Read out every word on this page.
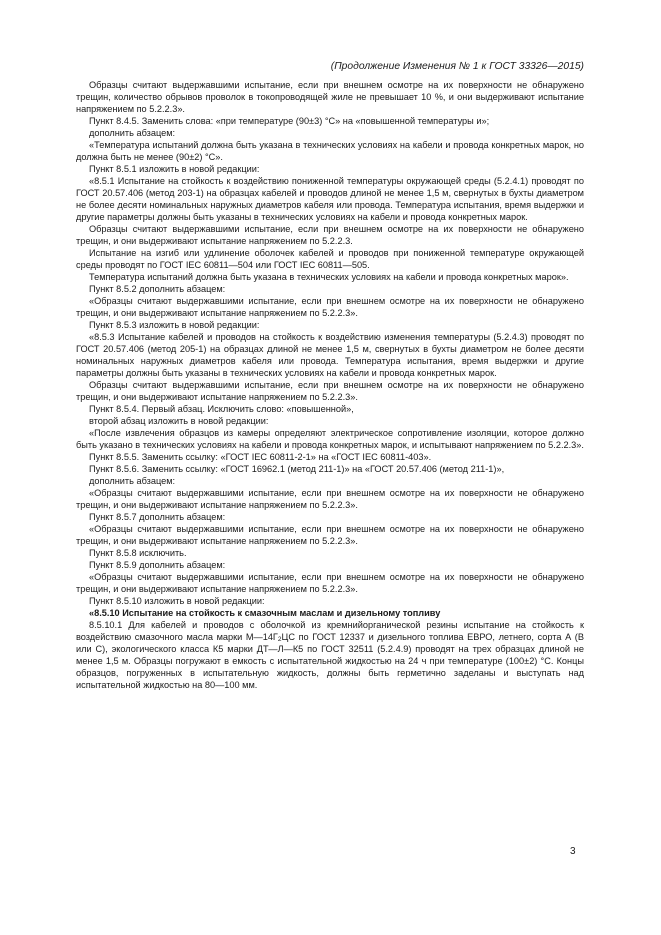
(Продолжение Изменения № 1 к ГОСТ 33326—2015)

Образцы считают выдержавшими испытание, если при внешнем осмотре на их поверхности не обнаружено трещин, количество обрывов проволок в токопроводящей жиле не превышает 10 %, и они выдерживают испытание напряжением по 5.2.2.3».

Пункт 8.4.5. Заменить слова: «при температуре (90±3) °С» на «повышенной температуры и»;

дополнить абзацем:

«Температура испытаний должна быть указана в технических условиях на кабели и провода конкретных марок, но должна быть не менее (90±2) °С».

Пункт 8.5.1 изложить в новой редакции:

«8.5.1 Испытание на стойкость к воздействию пониженной температуры окружающей среды (5.2.4.1) проводят по ГОСТ 20.57.406 (метод 203-1) на образцах кабелей и проводов длиной не менее 1,5 м, свернутых в бухты диаметром не более десяти номинальных наружных диаметров кабеля или провода. Температура испытания, время выдержки и другие параметры должны быть указаны в технических условиях на кабели и провода конкретных марок.

Образцы считают выдержавшими испытание, если при внешнем осмотре на их поверхности не обнаружено трещин, и они выдерживают испытание напряжением по 5.2.2.3.

Испытание на изгиб или удлинение оболочек кабелей и проводов при пониженной температуре окружающей среды проводят по ГОСТ IEC 60811—504 или ГОСТ IEC 60811—505.

Температура испытаний должна быть указана в технических условиях на кабели и провода конкретных марок».

Пункт 8.5.2 дополнить абзацем:

«Образцы считают выдержавшими испытание, если при внешнем осмотре на их поверхности не обнаружено трещин, и они выдерживают испытание напряжением по 5.2.2.3».

Пункт 8.5.3 изложить в новой редакции:

«8.5.3 Испытание кабелей и проводов на стойкость к воздействию изменения температуры (5.2.4.3) проводят по ГОСТ 20.57.406 (метод 205-1) на образцах длиной не менее 1,5 м, свернутых в бухты диаметром не более десяти номинальных наружных диаметров кабеля или провода. Температура испытания, время выдержки и другие параметры должны быть указаны в технических условиях на кабели и провода конкретных марок.

Образцы считают выдержавшими испытание, если при внешнем осмотре на их поверхности не обнаружено трещин, и они выдерживают испытание напряжением по 5.2.2.3».

Пункт 8.5.4. Первый абзац. Исключить слово: «повышенной»,

второй абзац изложить в новой редакции:

«После извлечения образцов из камеры определяют электрическое сопротивление изоляции, которое должно быть указано в технических условиях на кабели и провода конкретных марок, и испытывают напряжением по 5.2.2.3».

Пункт 8.5.5. Заменить ссылку: «ГОСТ IEC 60811-2-1» на «ГОСТ IEC 60811-403».

Пункт 8.5.6. Заменить ссылку: «ГОСТ 16962.1 (метод 211-1)» на «ГОСТ 20.57.406 (метод 211-1)»,

дополнить абзацем:

«Образцы считают выдержавшими испытание, если при внешнем осмотре на их поверхности не обнаружено трещин, и они выдерживают испытание напряжением по 5.2.2.3».

Пункт 8.5.7 дополнить абзацем:

«Образцы считают выдержавшими испытание, если при внешнем осмотре на их поверхности не обнаружено трещин, и они выдерживают испытание напряжением по 5.2.2.3».

Пункт 8.5.8 исключить.

Пункт 8.5.9 дополнить абзацем:

«Образцы считают выдержавшими испытание, если при внешнем осмотре на их поверхности не обнаружено трещин, и они выдерживают испытание напряжением по 5.2.2.3».

Пункт 8.5.10 изложить в новой редакции:

«8.5.10 Испытание на стойкость к смазочным маслам и дизельному топливу

8.5.10.1 Для кабелей и проводов с оболочкой из кремнийорганической резины испытание на стойкость к воздействию смазочного масла марки $М—14Г_2ЦС$ по ГОСТ 12337 и дизельного топлива ЕВРО, летнего, сорта А (В или С), экологического класса К5 марки ДТ—Л—К5 по ГОСТ 32511 (5.2.4.9) проводят на трех образцах длиной не менее 1,5 м. Образцы погружают в емкость с испытательной жидкостью на 24 ч при температуре (100±2) °С. Концы образцов, погруженных в испытательную жидкость, должны быть герметично заделаны и выступать над испытательной жидкостью на 80—100 мм.

3
